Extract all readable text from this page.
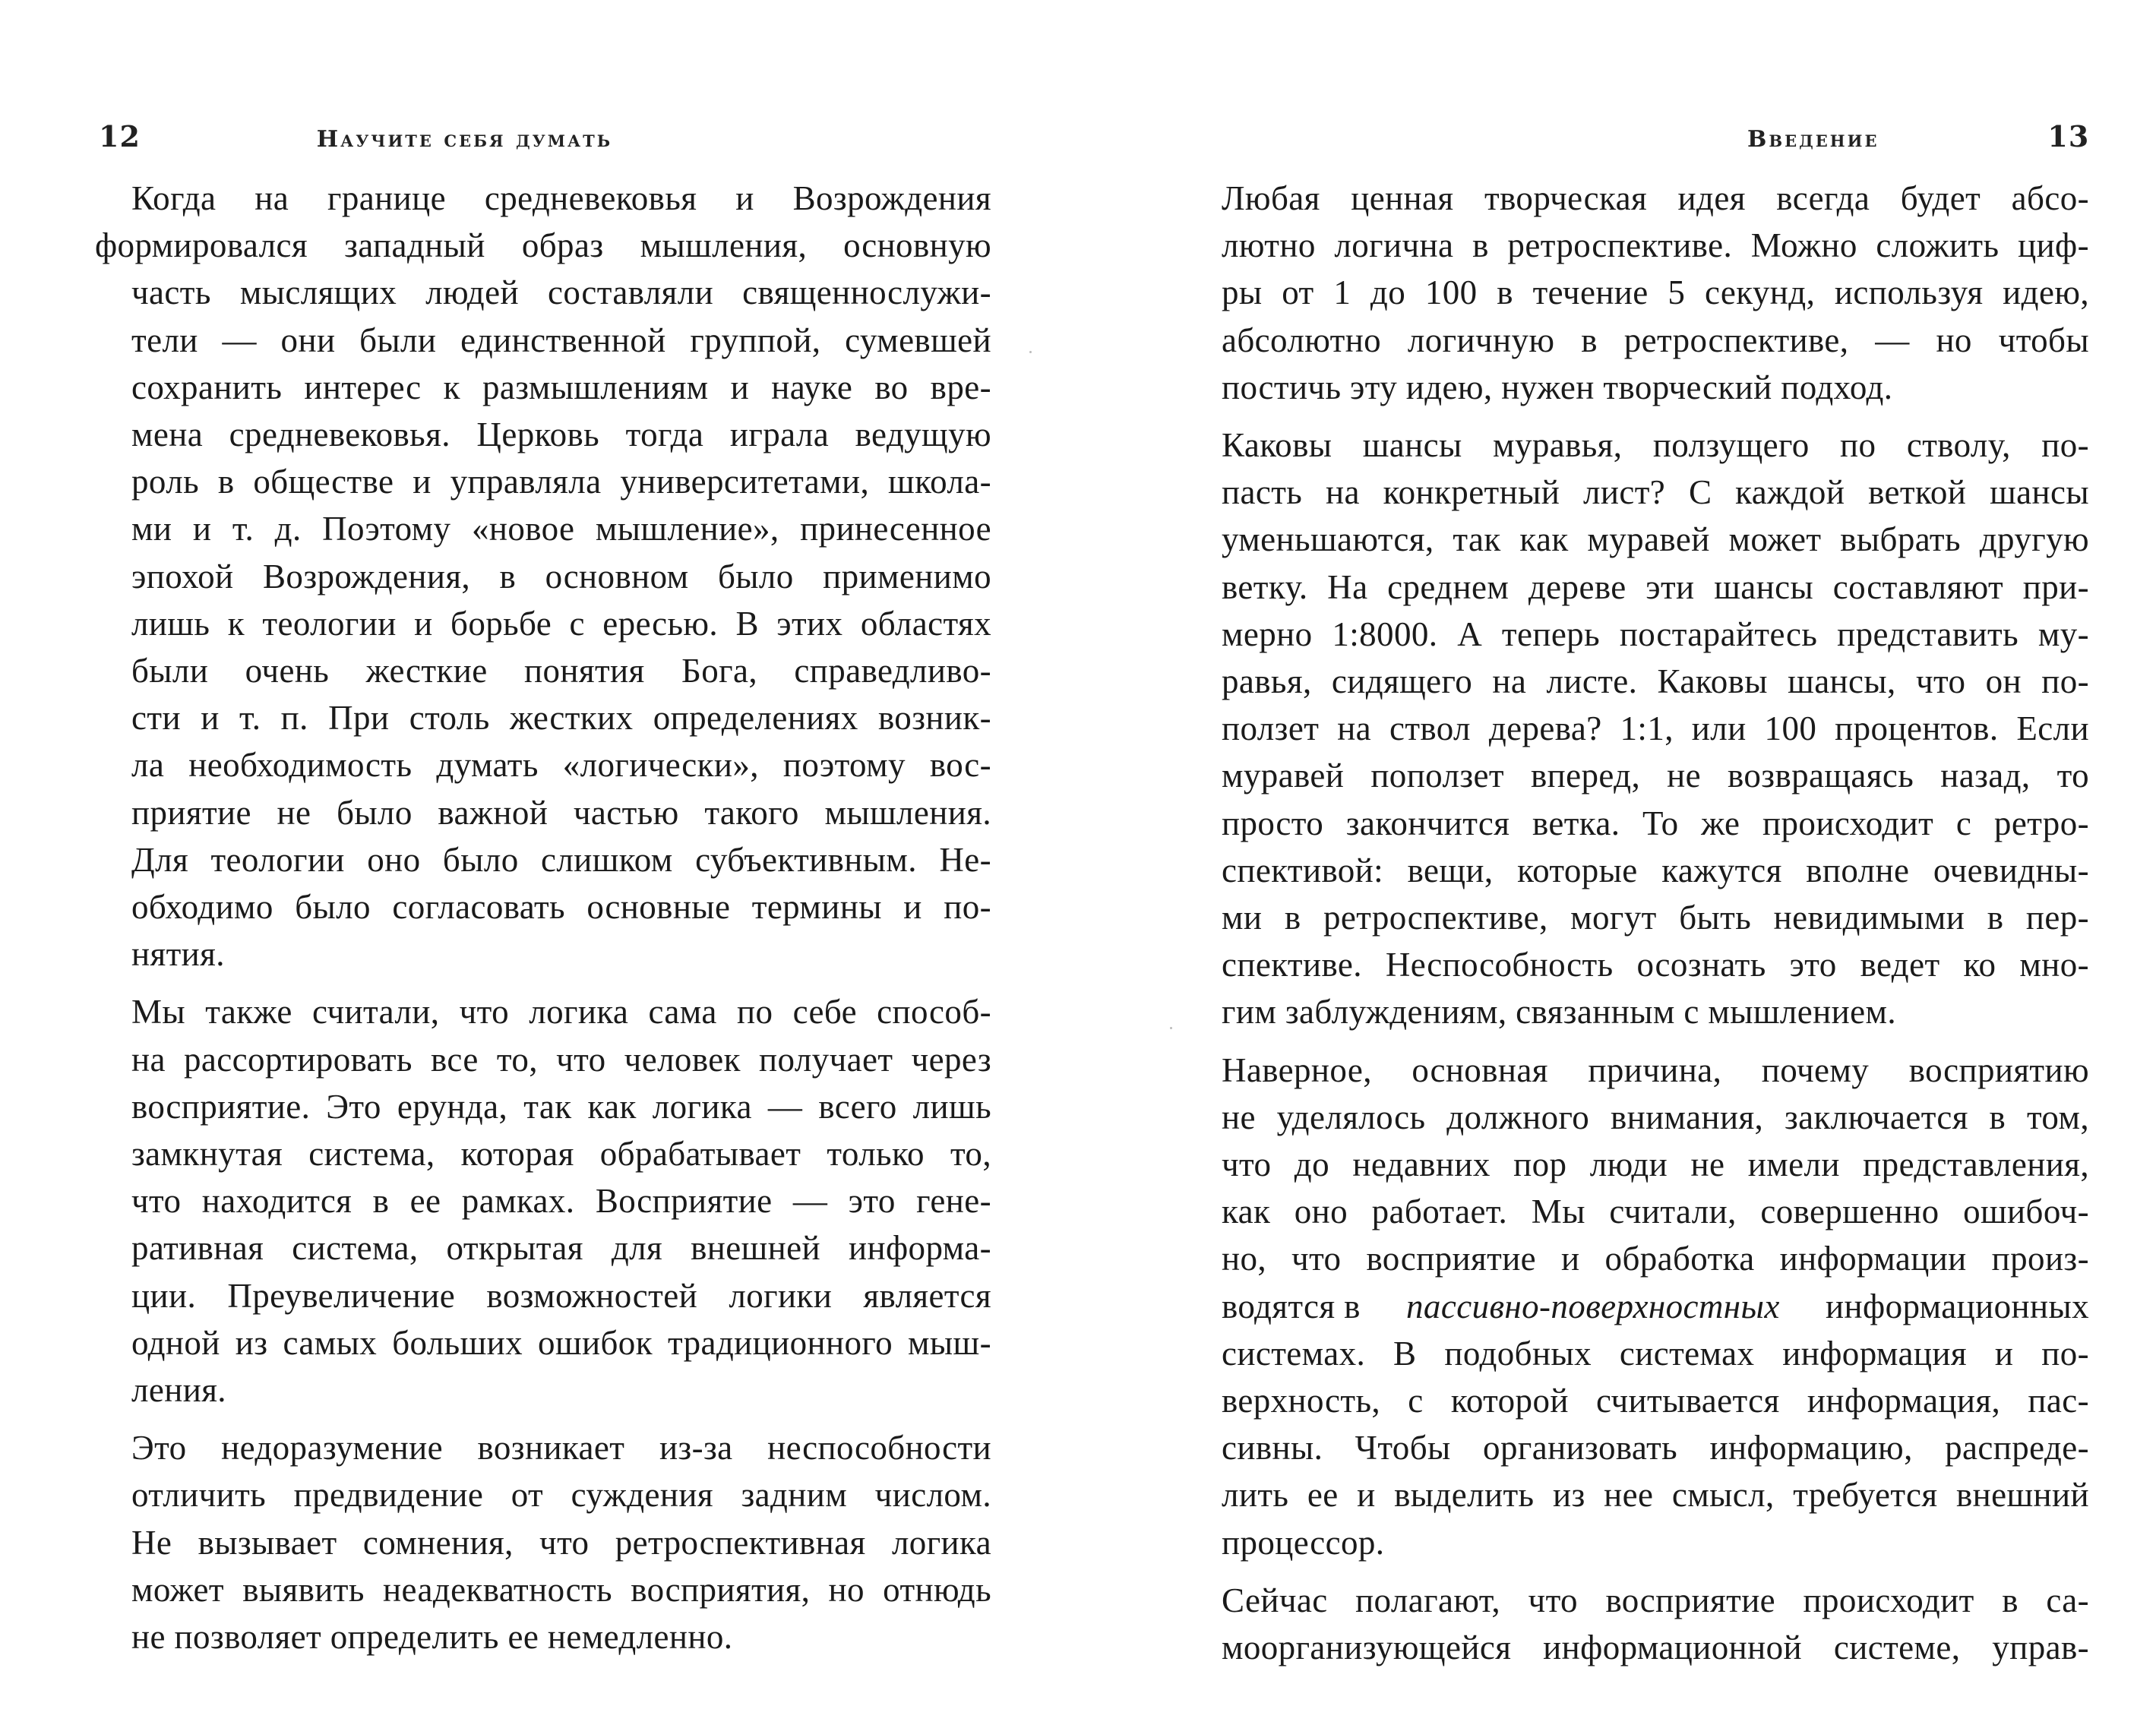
12	Научите себя думать

Когда на границе средневековья и Возрождения
формировался западный образ мышления, основную
часть мыслящих людей составляли священнослужи-
тели — они были единственной группой, сумевшей
сохранить интерес к размышлениям и науке во вре-
мена средневековья. Церковь тогда играла ведущую
роль в обществе и управляла университетами, школа-
ми и т. д. Поэтому «новое мышление», принесенное
эпохой Возрождения, в основном было применимо
лишь к теологии и борьбе с ересью. В этих областях
были очень жесткие понятия Бога, справедливо-
сти и т. п. При столь жестких определениях возник-
ла необходимость думать «логически», поэтому вос-
приятие не было важной частью такого мышления.
Для теологии оно было слишком субъективным. Не-
обходимо было согласовать основные термины и по-
нятия.

Мы также считали, что логика сама по себе способ-
на рассортировать все то, что человек получает через
восприятие. Это ерунда, так как логика — всего лишь
замкнутая система, которая обрабатывает только то,
что находится в ее рамках. Восприятие — это гене-
ративная система, открытая для внешней информа-
ции. Преувеличение возможностей логики является
одной из самых больших ошибок традиционного мыш-
ления.

Это недоразумение возникает из-за неспособности
отличить предвидение от суждения задним числом.
Не вызывает сомнения, что ретроспективная логика
может выявить неадекватность восприятия, но отнюдь
не позволяет определить ее немедленно.

Введение	13

Любая ценная творческая идея всегда будет абсо-
лютно логична в ретроспективе. Можно сложить циф-
ры от 1 до 100 в течение 5 секунд, используя идею,
абсолютно логичную в ретроспективе, — но чтобы
постичь эту идею, нужен творческий подход.

Каковы шансы муравья, ползущего по стволу, по-
пасть на конкретный лист? С каждой веткой шансы
уменьшаются, так как муравей может выбрать другую
ветку. На среднем дереве эти шансы составляют при-
мерно 1:8000. А теперь постарайтесь представить му-
равья, сидящего на листе. Каковы шансы, что он по-
ползет на ствол дерева? 1:1, или 100 процентов. Если
муравей поползет вперед, не возвращаясь назад, то
просто закончится ветка. То же происходит с ретро-
спективой: вещи, которые кажутся вполне очевидны-
ми в ретроспективе, могут быть невидимыми в пер-
спективе. Неспособность осознать это ведет ко мно-
гим заблуждениям, связанным с мышлением.

Наверное, основная причина, почему восприятию
не уделялось должного внимания, заключается в том,
что до недавних пор люди не имели представления,
как оно работает. Мы считали, совершенно ошибоч-
но, что восприятие и обработка информации произ-
водятся в	пассивно-поверхностных	информационных
системах. В подобных системах информация и по-
верхность, с которой считывается информация, пас-
сивны. Чтобы организовать информацию, распреде-
лить ее и выделить из нее смысл, требуется внешний
процессор.

Сейчас полагают, что восприятие происходит в са-
моорганизующейся информационной системе, управ-
